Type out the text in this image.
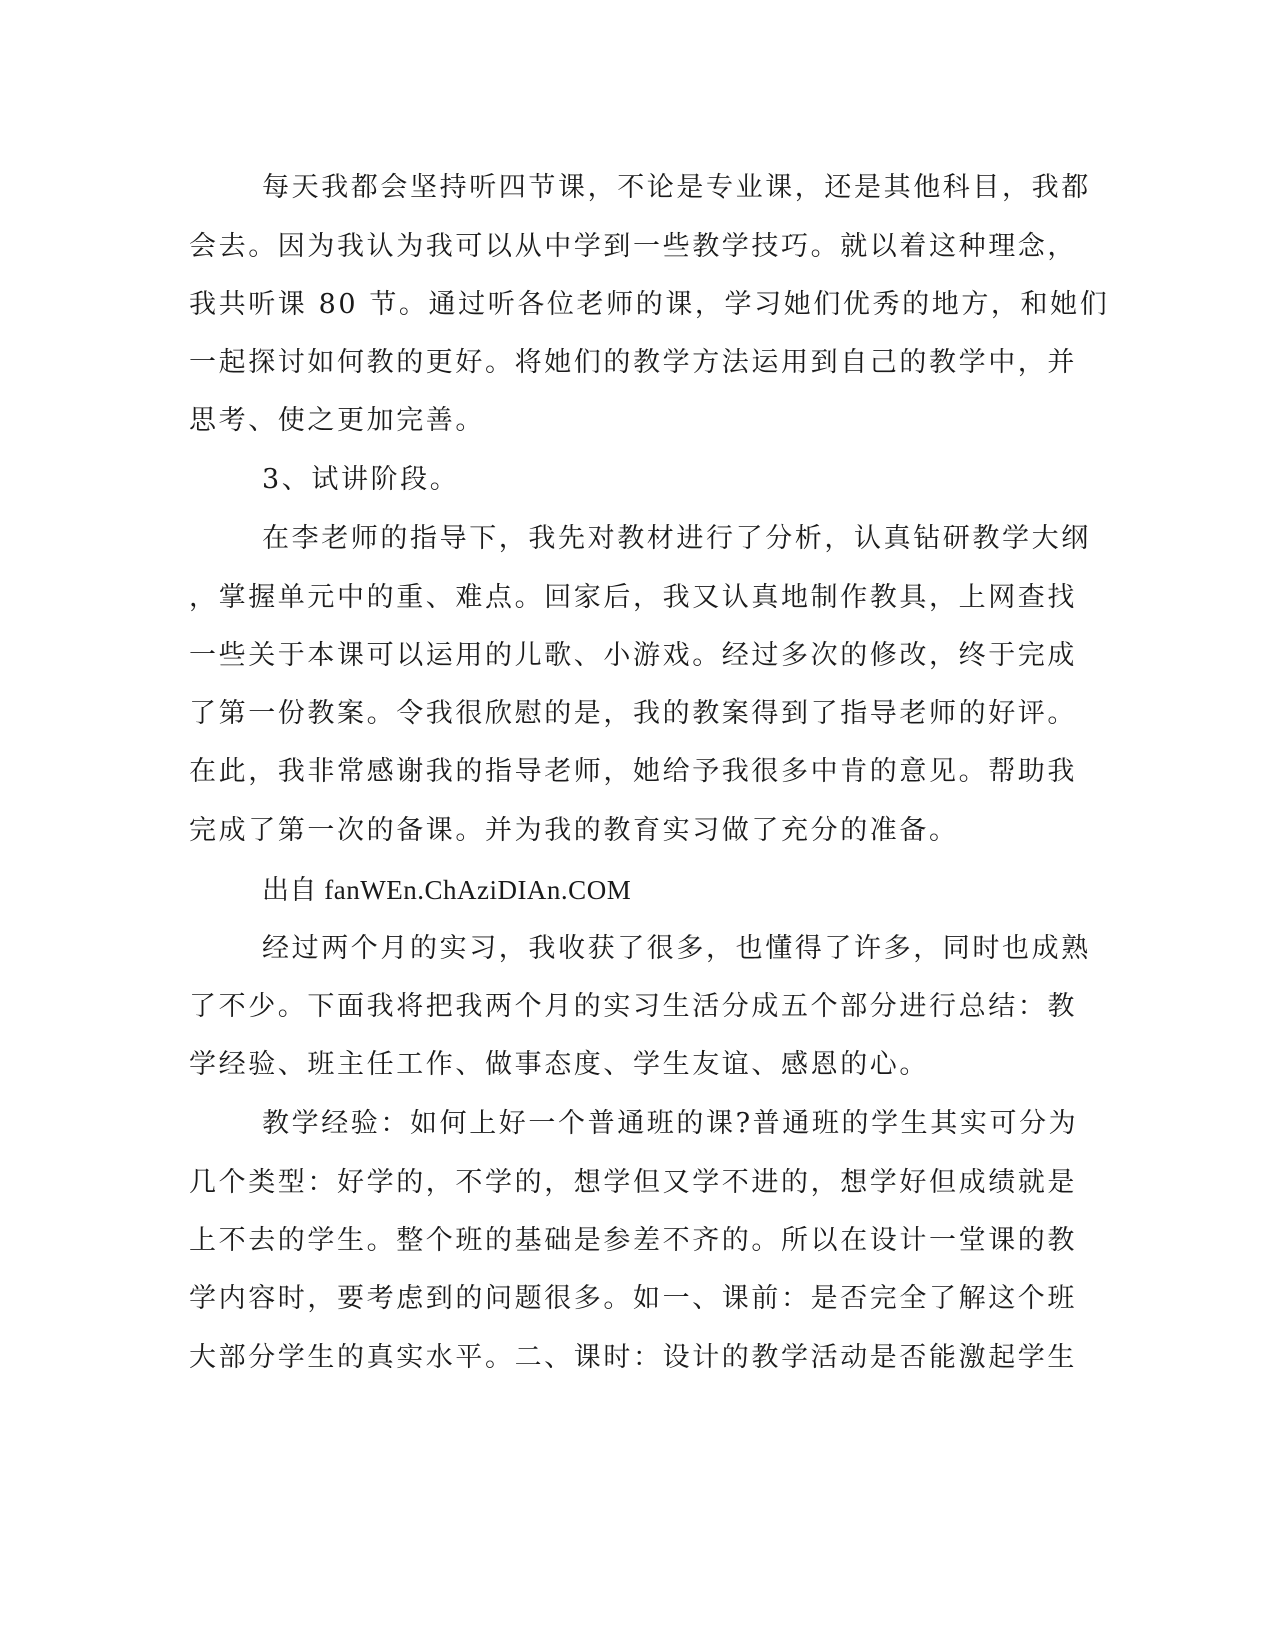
每天我都会坚持听四节课，不论是专业课，还是其他科目，我都
会去。因为我认为我可以从中学到一些教学技巧。就以着这种理念，
我共听课 80 节。通过听各位老师的课，学习她们优秀的地方，和她们
一起探讨如何教的更好。将她们的教学方法运用到自己的教学中，并
思考、使之更加完善。
3、试讲阶段。
在李老师的指导下，我先对教材进行了分析，认真钻研教学大纲
，掌握单元中的重、难点。回家后，我又认真地制作教具，上网查找
一些关于本课可以运用的儿歌、小游戏。经过多次的修改，终于完成
了第一份教案。令我很欣慰的是，我的教案得到了指导老师的好评。
在此，我非常感谢我的指导老师，她给予我很多中肯的意见。帮助我
完成了第一次的备课。并为我的教育实习做了充分的准备。
出自 fanWEn.ChAziDIAn.COM
经过两个月的实习，我收获了很多，也懂得了许多，同时也成熟
了不少。下面我将把我两个月的实习生活分成五个部分进行总结：教
学经验、班主任工作、做事态度、学生友谊、感恩的心。
教学经验：如何上好一个普通班的课?普通班的学生其实可分为
几个类型：好学的，不学的，想学但又学不进的，想学好但成绩就是
上不去的学生。整个班的基础是参差不齐的。所以在设计一堂课的教
学内容时，要考虑到的问题很多。如一、课前：是否完全了解这个班
大部分学生的真实水平。二、课时：设计的教学活动是否能激起学生
